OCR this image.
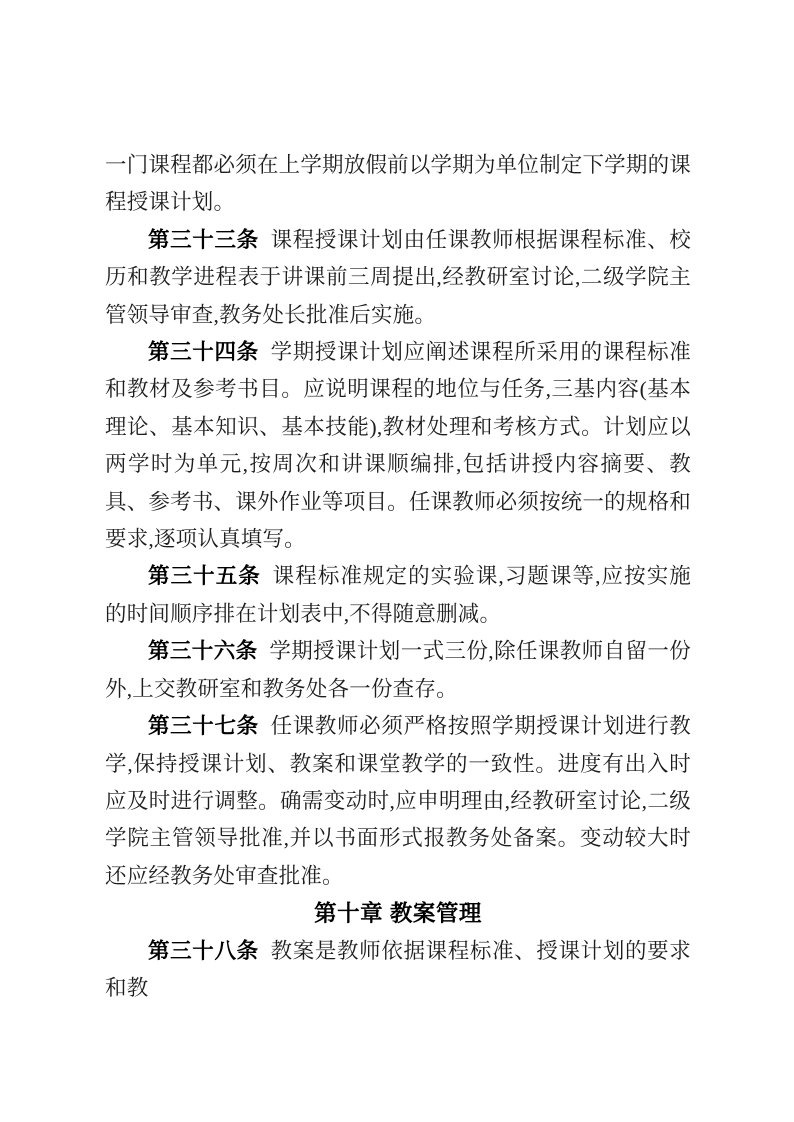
一门课程都必须在上学期放假前以学期为单位制定下学期的课程授课计划。

第三十三条 课程授课计划由任课教师根据课程标准、校历和教学进程表于讲课前三周提出,经教研室讨论,二级学院主管领导审查,教务处长批准后实施。

第三十四条 学期授课计划应阐述课程所采用的课程标准和教材及参考书目。应说明课程的地位与任务,三基内容(基本理论、基本知识、基本技能),教材处理和考核方式。计划应以两学时为单元,按周次和讲课顺编排,包括讲授内容摘要、教具、参考书、课外作业等项目。任课教师必须按统一的规格和要求,逐项认真填写。

第三十五条 课程标准规定的实验课,习题课等,应按实施的时间顺序排在计划表中,不得随意删减。

第三十六条 学期授课计划一式三份,除任课教师自留一份外,上交教研室和教务处各一份查存。

第三十七条 任课教师必须严格按照学期授课计划进行教学,保持授课计划、教案和课堂教学的一致性。进度有出入时应及时进行调整。确需变动时,应申明理由,经教研室讨论,二级学院主管领导批准,并以书面形式报教务处备案。变动较大时还应经教务处审查批准。

第十章 教案管理

第三十八条 教案是教师依据课程标准、授课计划的要求和教
